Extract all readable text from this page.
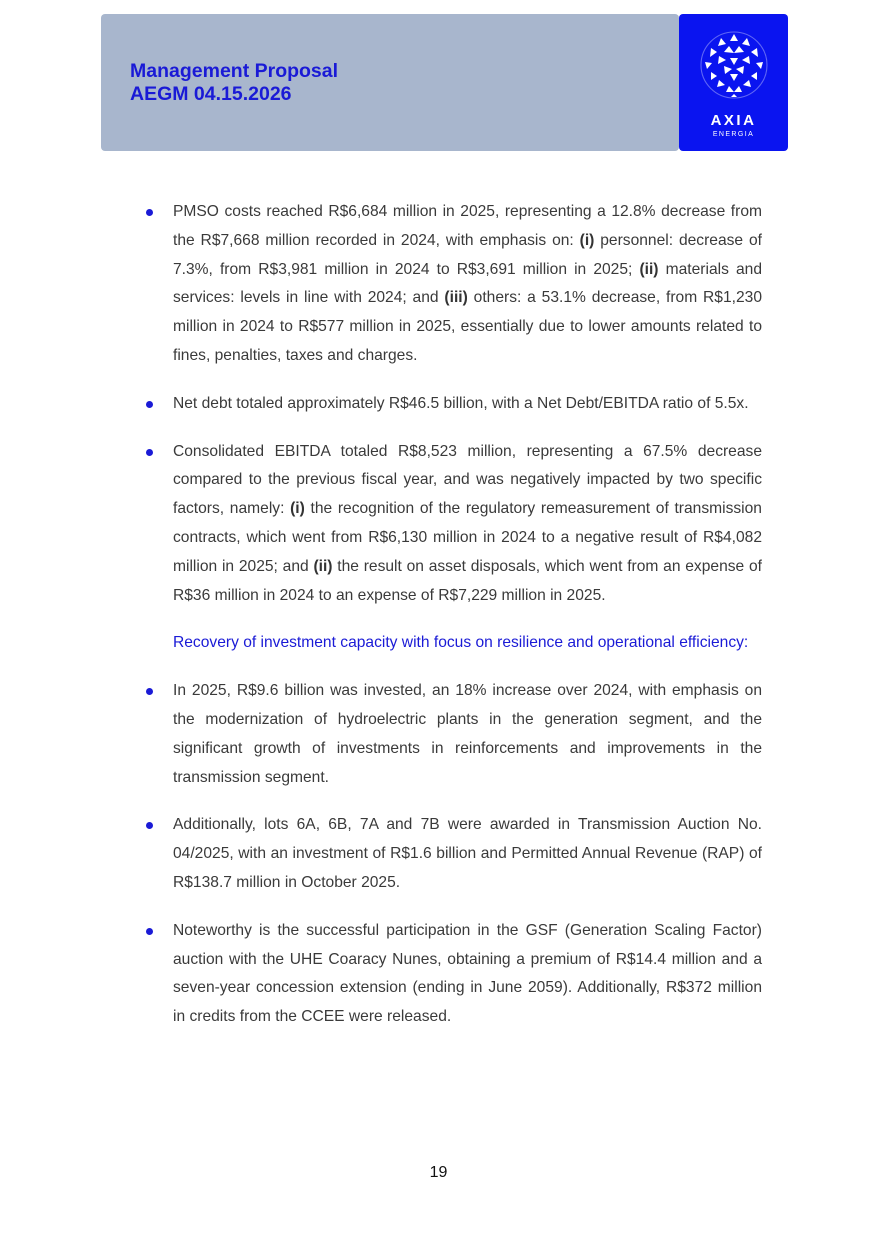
Management Proposal
AEGM 04.15.2026
AXIA
ENERGIA

PMSO costs reached R$6,684 million in 2025, representing a 12.8% decrease from the R$7,668 million recorded in 2024, with emphasis on: (i) personnel: decrease of 7.3%, from R$3,981 million in 2024 to R$3,691 million in 2025; (ii) materials and services: levels in line with 2024; and (iii) others: a 53.1% decrease, from R$1,230 million in 2024 to R$577 million in 2025, essentially due to lower amounts related to fines, penalties, taxes and charges.

Net debt totaled approximately R$46.5 billion, with a Net Debt/EBITDA ratio of 5.5x.

Consolidated EBITDA totaled R$8,523 million, representing a 67.5% decrease compared to the previous fiscal year, and was negatively impacted by two specific factors, namely: (i) the recognition of the regulatory remeasurement of transmission contracts, which went from R$6,130 million in 2024 to a negative result of R$4,082 million in 2025; and (ii) the result on asset disposals, which went from an expense of R$36 million in 2024 to an expense of R$7,229 million in 2025.

Recovery of investment capacity with focus on resilience and operational efficiency:

In 2025, R$9.6 billion was invested, an 18% increase over 2024, with emphasis on the modernization of hydroelectric plants in the generation segment, and the significant growth of investments in reinforcements and improvements in the transmission segment.

Additionally, lots 6A, 6B, 7A and 7B were awarded in Transmission Auction No. 04/2025, with an investment of R$1.6 billion and Permitted Annual Revenue (RAP) of R$138.7 million in October 2025.

Noteworthy is the successful participation in the GSF (Generation Scaling Factor) auction with the UHE Coaracy Nunes, obtaining a premium of R$14.4 million and a seven-year concession extension (ending in June 2059). Additionally, R$372 million in credits from the CCEE were released.

19
